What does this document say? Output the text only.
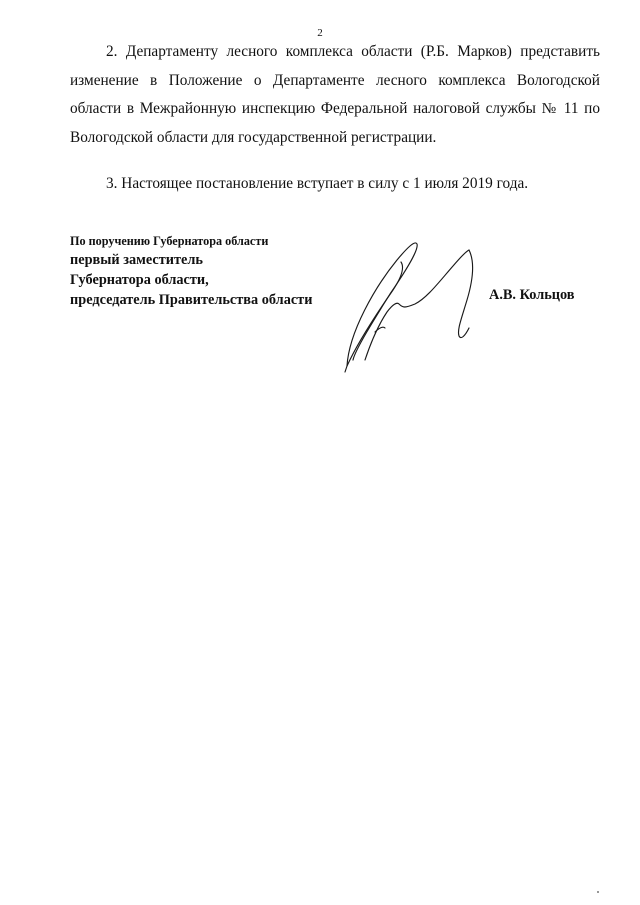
2

2. Департаменту лесного комплекса области (Р.Б. Марков) представить изменение в Положение о Департаменте лесного комплекса Вологодской области в Межрайонную инспекцию Федеральной налоговой службы № 11 по Вологодской области для государственной регистрации.

3. Настоящее постановление вступает в силу с 1 июля 2019 года.

По поручению Губернатора области
первый заместитель
Губернатора области,
председатель Правительства области	А.В. Кольцов
